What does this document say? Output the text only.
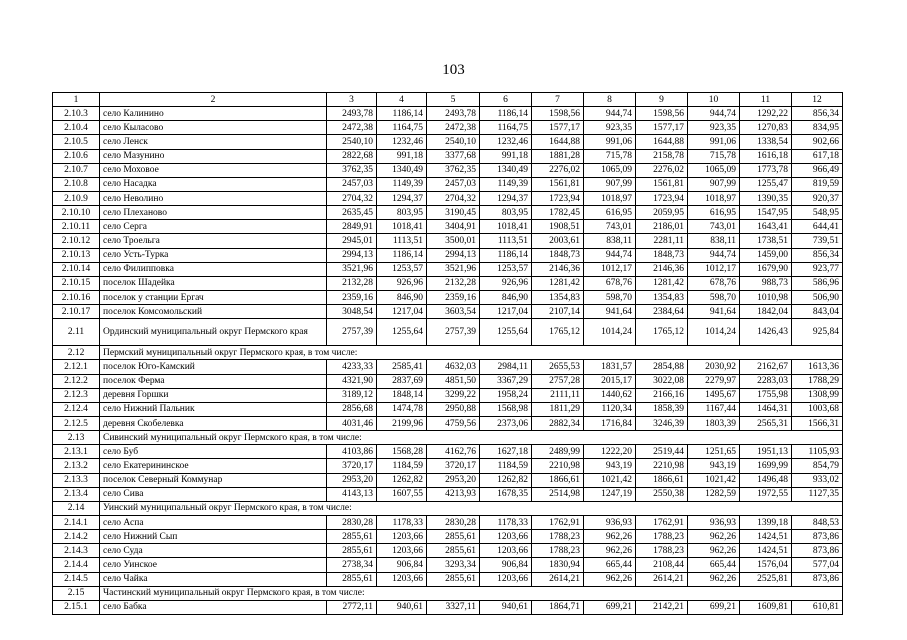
103
1	2	3	4	5	6	7	8	9	10	11	12
2.10.3	село Калинино	2493,78	1186,14	2493,78	1186,14	1598,56	944,74	1598,56	944,74	1292,22	856,34
2.10.4	село Кыласово	2472,38	1164,75	2472,38	1164,75	1577,17	923,35	1577,17	923,35	1270,83	834,95
2.10.5	село Ленск	2540,10	1232,46	2540,10	1232,46	1644,88	991,06	1644,88	991,06	1338,54	902,66
2.10.6	село Мазунино	2822,68	991,18	3377,68	991,18	1881,28	715,78	2158,78	715,78	1616,18	617,18
2.10.7	село Моховое	3762,35	1340,49	3762,35	1340,49	2276,02	1065,09	2276,02	1065,09	1773,78	966,49
2.10.8	село Насадка	2457,03	1149,39	2457,03	1149,39	1561,81	907,99	1561,81	907,99	1255,47	819,59
2.10.9	село Неволино	2704,32	1294,37	2704,32	1294,37	1723,94	1018,97	1723,94	1018,97	1390,35	920,37
2.10.10	село Плеханово	2635,45	803,95	3190,45	803,95	1782,45	616,95	2059,95	616,95	1547,95	548,95
2.10.11	село Серга	2849,91	1018,41	3404,91	1018,41	1908,51	743,01	2186,01	743,01	1643,41	644,41
2.10.12	село Троельга	2945,01	1113,51	3500,01	1113,51	2003,61	838,11	2281,11	838,11	1738,51	739,51
2.10.13	село Усть-Турка	2994,13	1186,14	2994,13	1186,14	1848,73	944,74	1848,73	944,74	1459,00	856,34
2.10.14	село Филипповка	3521,96	1253,57	3521,96	1253,57	2146,36	1012,17	2146,36	1012,17	1679,90	923,77
2.10.15	поселок Шадейка	2132,28	926,96	2132,28	926,96	1281,42	678,76	1281,42	678,76	988,73	586,96
2.10.16	поселок у станции Ергач	2359,16	846,90	2359,16	846,90	1354,83	598,70	1354,83	598,70	1010,98	506,90
2.10.17	поселок Комсомольский	3048,54	1217,04	3603,54	1217,04	2107,14	941,64	2384,64	941,64	1842,04	843,04
2.11	Ординский муниципальный округ Пермского края	2757,39	1255,64	2757,39	1255,64	1765,12	1014,24	1765,12	1014,24	1426,43	925,84
2.12	Пермский муниципальный округ Пермского края, в том числе:										
2.12.1	поселок Юго-Камский	4233,33	2585,41	4632,03	2984,11	2655,53	1831,57	2854,88	2030,92	2162,67	1613,36
2.12.2	поселок Ферма	4321,90	2837,69	4851,50	3367,29	2757,28	2015,17	3022,08	2279,97	2283,03	1788,29
2.12.3	деревня Горшки	3189,12	1848,14	3299,22	1958,24	2111,11	1440,62	2166,16	1495,67	1755,98	1308,99
2.12.4	село Нижний Пальник	2856,68	1474,78	2950,88	1568,98	1811,29	1120,34	1858,39	1167,44	1464,31	1003,68
2.12.5	деревня Скобелевка	4031,46	2199,96	4759,56	2373,06	2882,34	1716,84	3246,39	1803,39	2565,31	1566,31
2.13	Сивинский муниципальный округ Пермского края, в том числе:										
2.13.1	село Буб	4103,86	1568,28	4162,76	1627,18	2489,99	1222,20	2519,44	1251,65	1951,13	1105,93
2.13.2	село Екатерининское	3720,17	1184,59	3720,17	1184,59	2210,98	943,19	2210,98	943,19	1699,99	854,79
2.13.3	поселок Северный Коммунар	2953,20	1262,82	2953,20	1262,82	1866,61	1021,42	1866,61	1021,42	1496,48	933,02
2.13.4	село Сива	4143,13	1607,55	4213,93	1678,35	2514,98	1247,19	2550,38	1282,59	1972,55	1127,35
2.14	Уинский муниципальный округ Пермского края, в том числе:										
2.14.1	село Аспа	2830,28	1178,33	2830,28	1178,33	1762,91	936,93	1762,91	936,93	1399,18	848,53
2.14.2	село Нижний Сып	2855,61	1203,66	2855,61	1203,66	1788,23	962,26	1788,23	962,26	1424,51	873,86
2.14.3	село Суда	2855,61	1203,66	2855,61	1203,66	1788,23	962,26	1788,23	962,26	1424,51	873,86
2.14.4	село Уинское	2738,34	906,84	3293,34	906,84	1830,94	665,44	2108,44	665,44	1576,04	577,04
2.14.5	село Чайка	2855,61	1203,66	2855,61	1203,66	2614,21	962,26	2614,21	962,26	2525,81	873,86
2.15	Частинский муниципальный округ Пермского края, в том числе:										
2.15.1	село Бабка	2772,11	940,61	3327,11	940,61	1864,71	699,21	2142,21	699,21	1609,81	610,81
